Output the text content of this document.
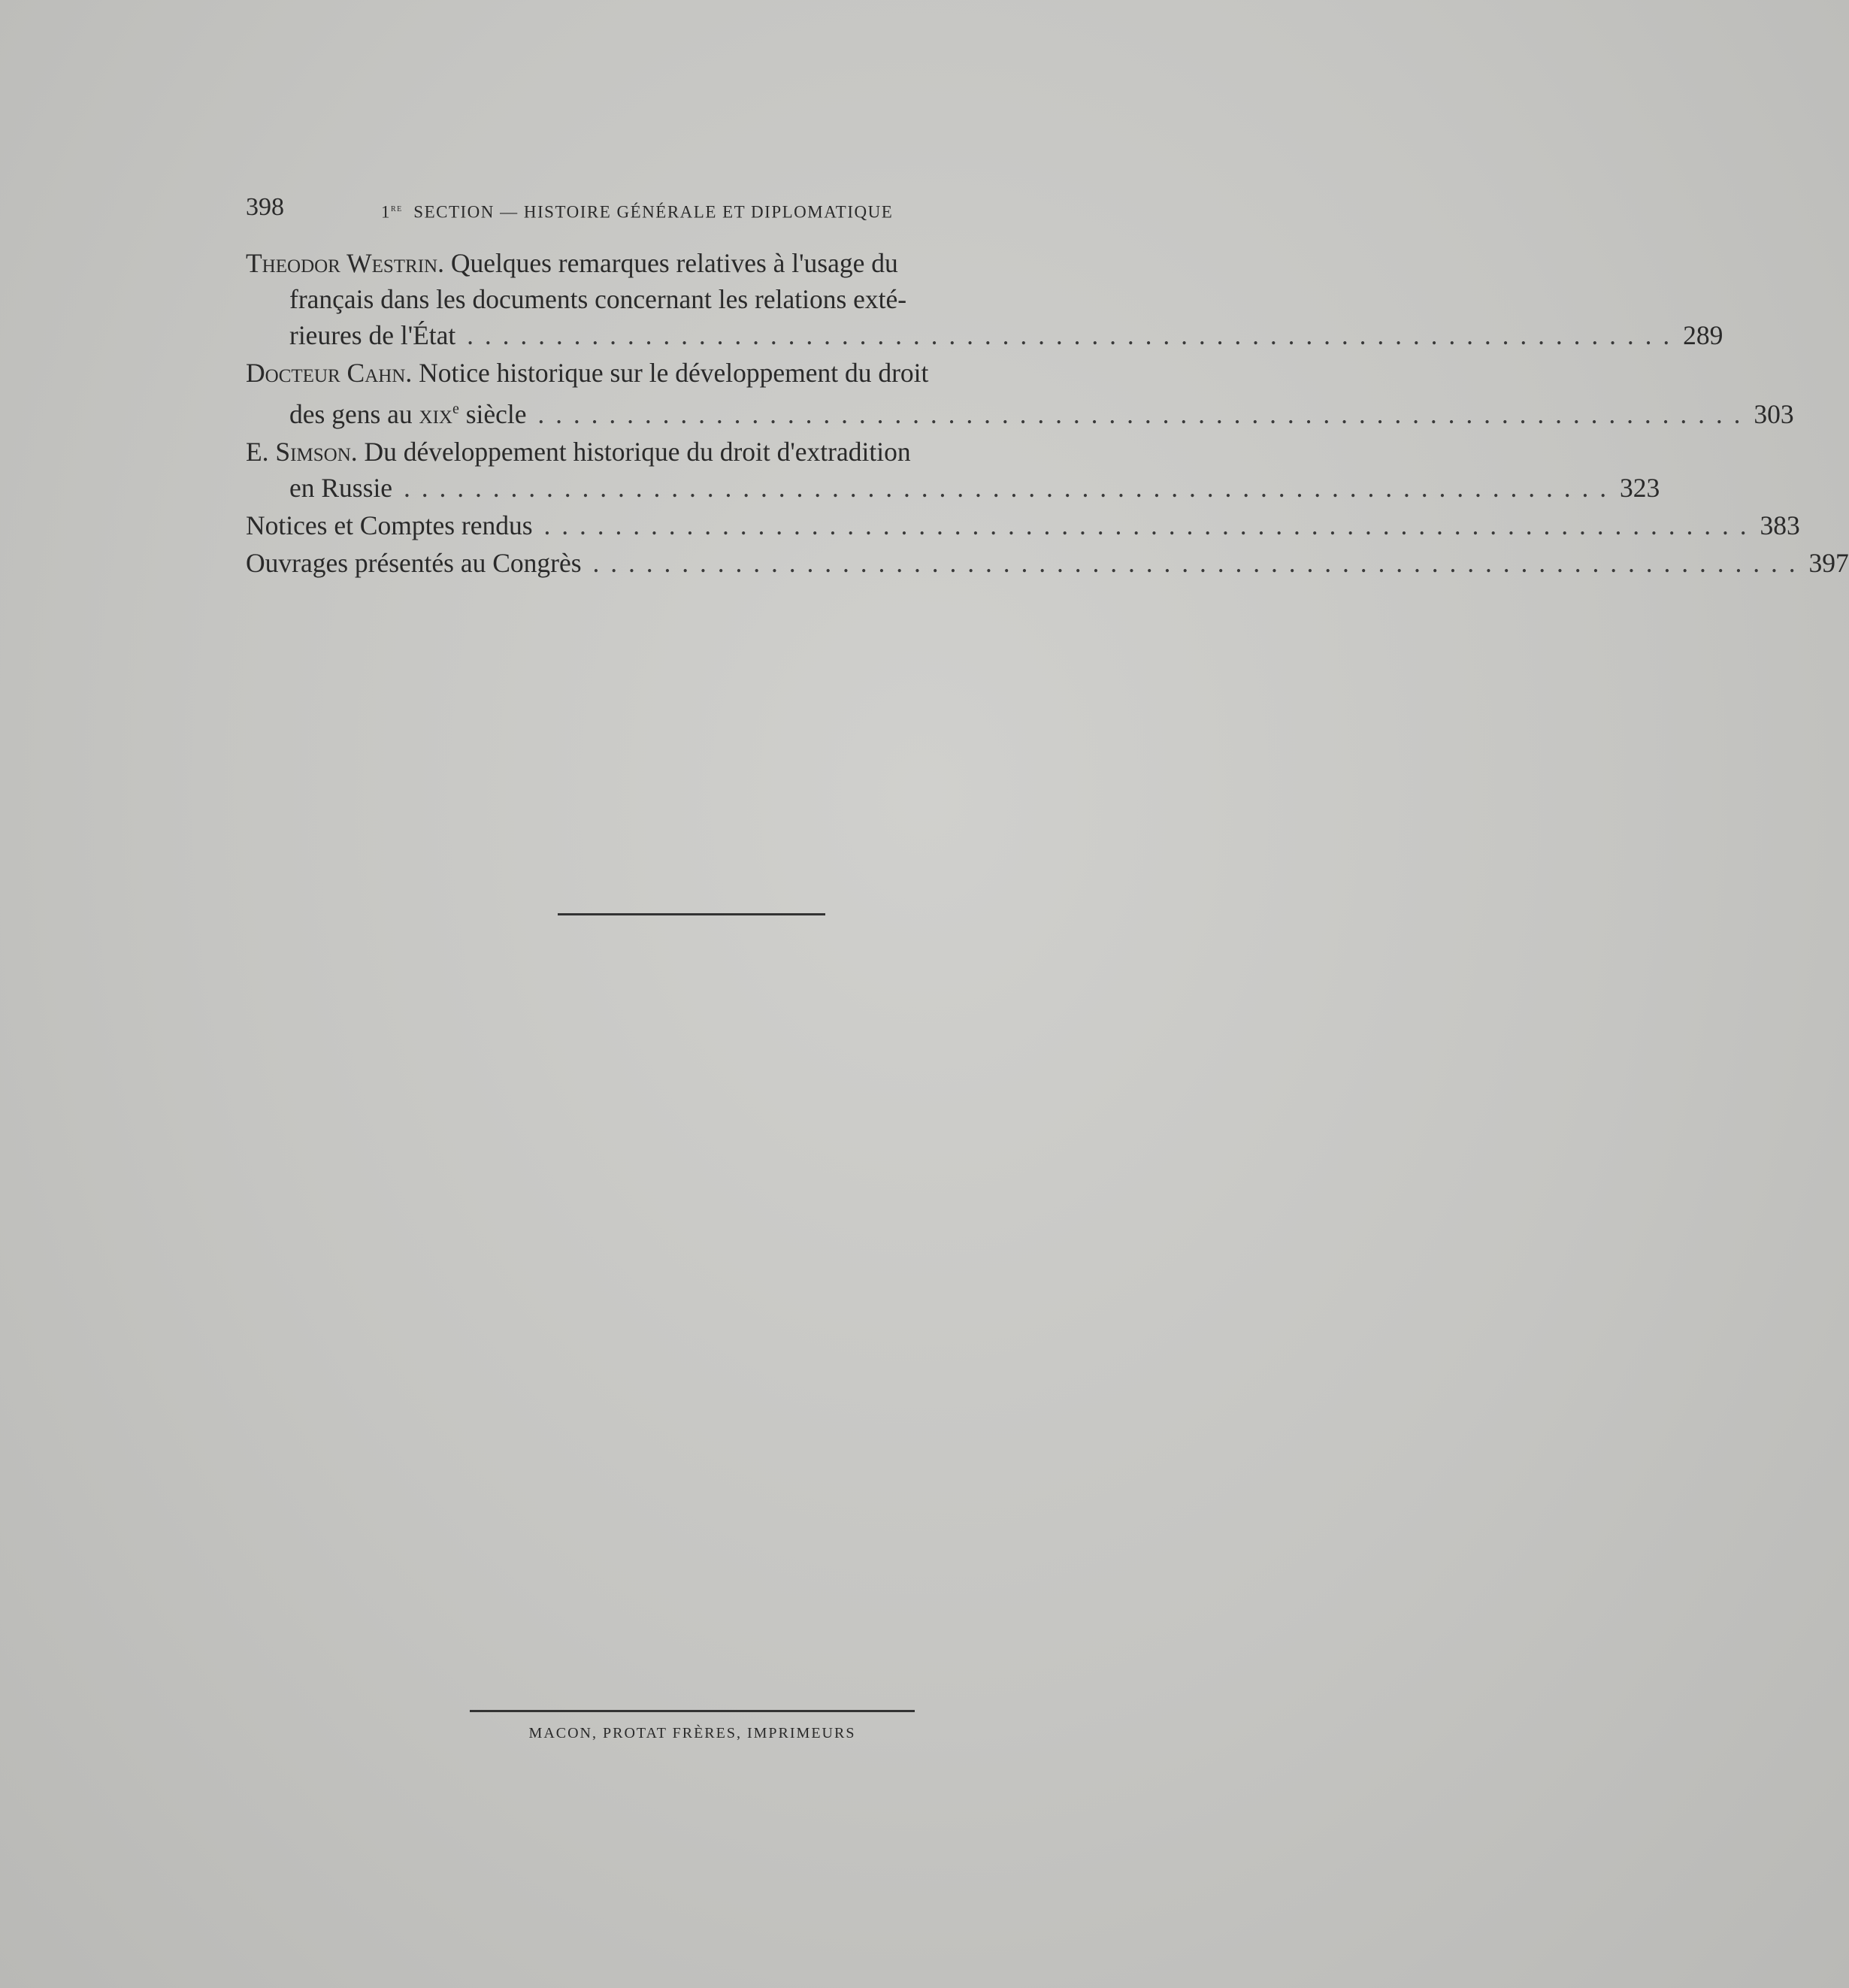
398	1re SECTION — HISTOIRE GÉNÉRALE ET DIPLOMATIQUE
Theodor Westrin. Quelques remarques relatives à l'usage du
français dans les documents concernant les relations exté-
rieures de l'État . . . . . . . . . . . . . . . . . . . . . . . . . . . . . . . . . . . . . . . . . . . . . . . . . . . . . . . . . . . . . . . . . . . . 289
Docteur Cahn. Notice historique sur le développement du droit
des gens au xix$^e$ siècle . . . . . . . . . . . . . . . . . . . . . . . . . . . . . . . . . . . . . . . . . . . . . . . . . . . . . . . . . . . . . . . . . . . . 303
E. Simson. Du développement historique du droit d'extradition
en Russie . . . . . . . . . . . . . . . . . . . . . . . . . . . . . . . . . . . . . . . . . . . . . . . . . . . . . . . . . . . . . . . . . . . . 323
Notices et Comptes rendus . . . . . . . . . . . . . . . . . . . . . . . . . . . . . . . . . . . . . . . . . . . . . . . . . . . . . . . . . . . . . . . . . . . . 383
Ouvrages présentés au Congrès . . . . . . . . . . . . . . . . . . . . . . . . . . . . . . . . . . . . . . . . . . . . . . . . . . . . . . . . . . . . . . . . . . . . 397
MACON, PROTAT FRÈRES, IMPRIMEURS
